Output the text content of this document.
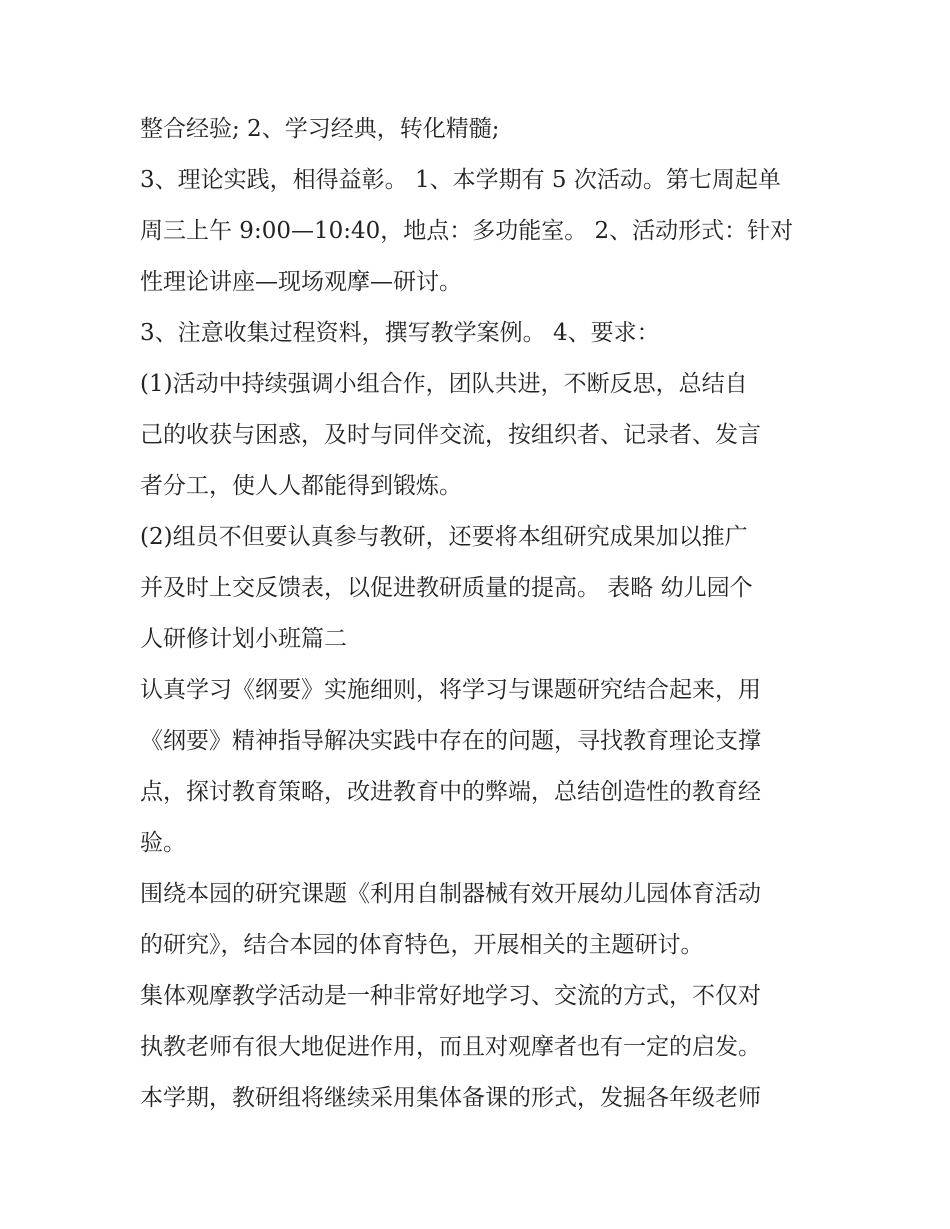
整合经验; 2、学习经典，转化精髓;

3、理论实践，相得益彰。 1、本学期有 5 次活动。第七周起单

周三上午 9:00—10:40，地点：多功能室。 2、活动形式：针对

性理论讲座—现场观摩—研讨。

3、注意收集过程资料，撰写教学案例。 4、要求：

(1)活动中持续强调小组合作，团队共进，不断反思，总结自

己的收获与困惑，及时与同伴交流，按组织者、记录者、发言

者分工，使人人都能得到锻炼。

(2)组员不但要认真参与教研，还要将本组研究成果加以推广

并及时上交反馈表，以促进教研质量的提高。 表略 幼儿园个

人研修计划小班篇二

认真学习《纲要》实施细则，将学习与课题研究结合起来，用

《纲要》精神指导解决实践中存在的问题，寻找教育理论支撑

点，探讨教育策略，改进教育中的弊端，总结创造性的教育经

验。

围绕本园的研究课题《利用自制器械有效开展幼儿园体育活动

的研究》，结合本园的体育特色，开展相关的主题研讨。

集体观摩教学活动是一种非常好地学习、交流的方式，不仅对

执教老师有很大地促进作用，而且对观摩者也有一定的启发。

本学期，教研组将继续采用集体备课的形式，发掘各年级老师
